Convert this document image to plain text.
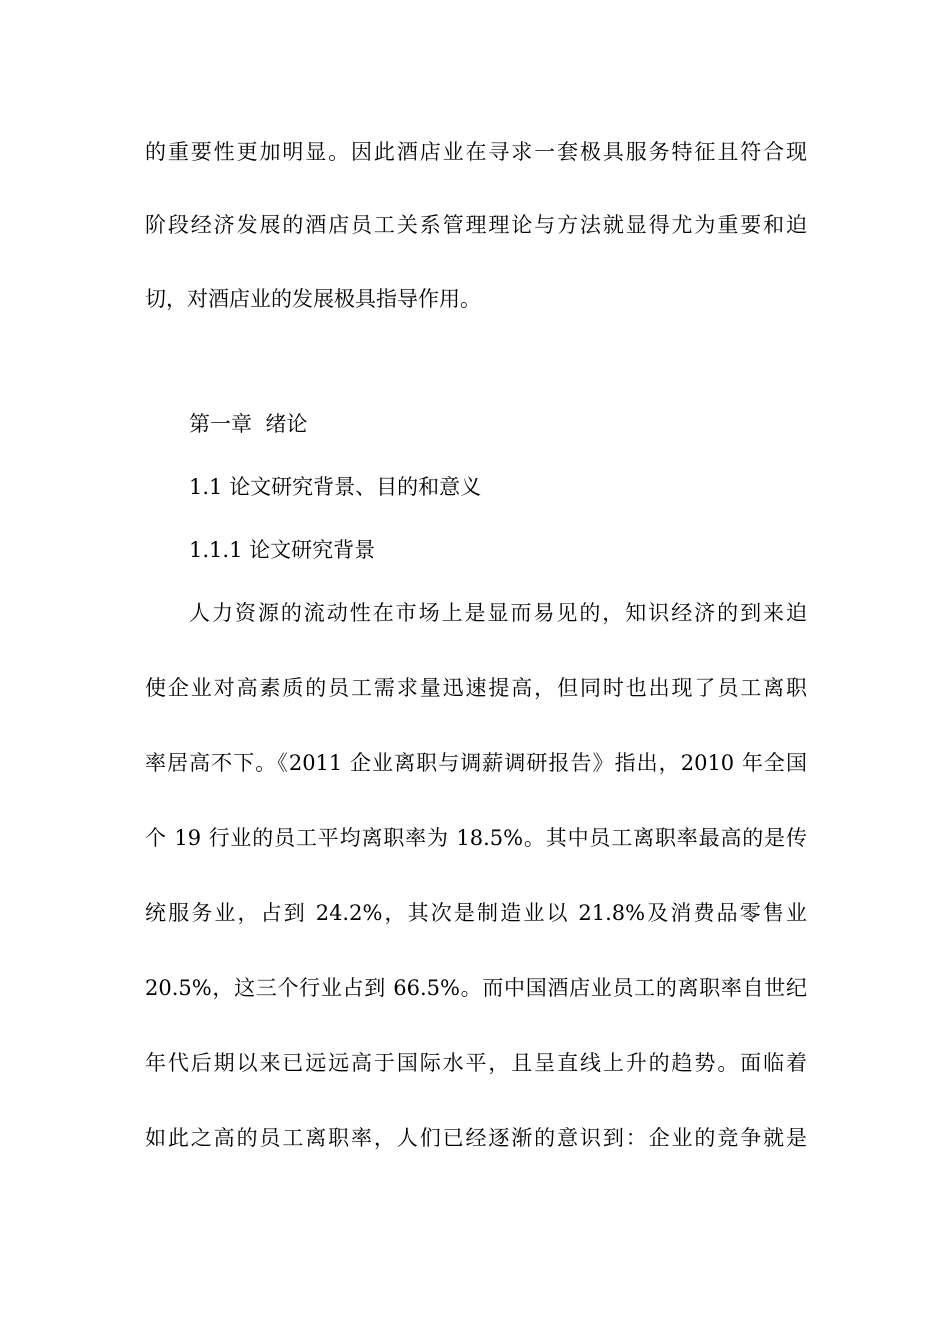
的重要性更加明显。因此酒店业在寻求一套极具服务特征且符合现
阶段经济发展的酒店员工关系管理理论与方法就显得尤为重要和迫
切，对酒店业的发展极具指导作用。
第一章  绪论
1.1 论文研究背景、目的和意义
1.1.1 论文研究背景
人力资源的流动性在市场上是显而易见的，知识经济的到来迫
使企业对高素质的员工需求量迅速提高，但同时也出现了员工离职
率居高不下。《2011 企业离职与调薪调研报告》指出，2010 年全国
个 19 行业的员工平均离职率为 18.5%。其中员工离职率最高的是传
统服务业，占到 24.2%，其次是制造业以 21.8%及消费品零售业
20.5%，这三个行业占到 66.5%。而中国酒店业员工的离职率自世纪
年代后期以来已远远高于国际水平，且呈直线上升的趋势。面临着
如此之高的员工离职率，人们已经逐渐的意识到：企业的竞争就是
